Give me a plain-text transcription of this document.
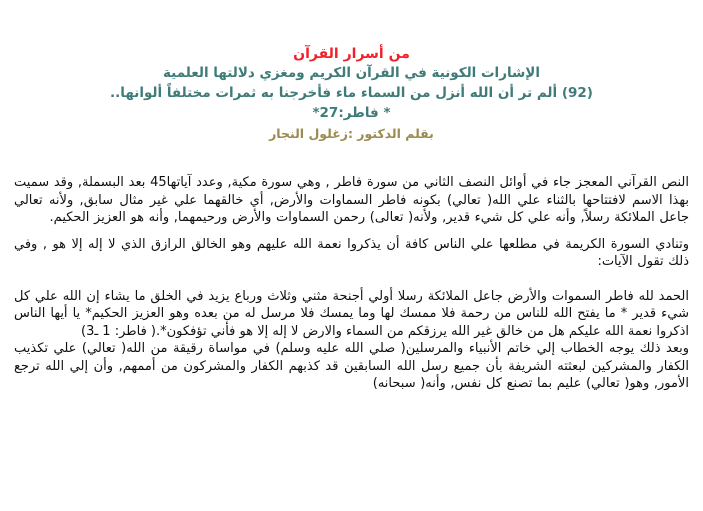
من أسرار القرآن
الإشارات الكونية في القرآن الكريم ومغزي دلالتها العلمية
(92) ألم تر أن الله أنزل من السماء ماء فأخرجنا به ثمرات مختلفاً ألوانها..
* فاطر:27*
بقلم الدكتور :زغلول النجار

النص القرآني المعجز جاء في أوائل النصف الثاني من سورة فاطر , وهي سورة مكية, وعدد آياتها45 بعد البسملة, وقد سميت بهذا الاسم لافتتاحها بالثناء علي الله( تعالي) بكونه فاطر السماوات والأرض, أي خالقهما علي غير مثال سابق, ولأنه تعالي جاعل الملائكة رسلاً, وأنه علي كل شيء قدير, ولأنه( تعالى) رحمن السماوات والأرض ورحيمهما, وأنه هو العزيز الحكيم.

وتنادي السورة الكريمة في مطلعها علي الناس كافة أن يذكروا نعمة الله عليهم وهو الخالق الرازق الذي لا إله إلا هو , وفي ذلك تقول الآيات:

الحمد لله فاطر السموات والأرض جاعل الملائكة رسلا أولي أجنحة مثني وثلاث ورباع يزيد في الخلق ما يشاء إن الله علي كل شيء قدير * ما يفتح الله للناس من رحمة فلا ممسك لها وما يمسك فلا مرسل له من بعده وهو العزيز الحكيم* يا أيها الناس اذكروا نعمة الله عليكم هل من خالق غير الله يرزقكم من السماء والارض لا إله إلا هو فأني تؤفكون*.( فاطر: 1 ـ3)

وبعد ذلك يوجه الخطاب إلي خاتم الأنبياء والمرسلين( صلي الله عليه وسلم) في مواساة رقيقة من الله( تعالي) علي تكذيب الكفار والمشركين لبعثته الشريفة بأن جميع رسل الله السابقين قد كذبهم الكفار والمشركون من أممهم, وأن إلي الله ترجع الأمور, وهو( تعالي) عليم بما تصنع كل نفس, وأنه( سبحانه)
